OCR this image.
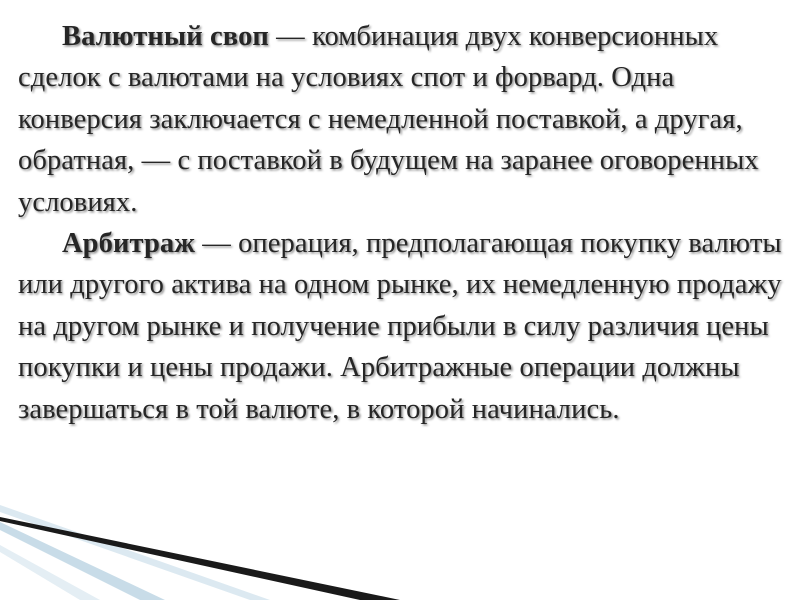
Валютный своп — комбинация двух конверсионных сделок с валютами на условиях спот и форвард. Одна конверсия заключается с немедленной поставкой, а другая, обратная, — с поставкой в будущем на заранее оговоренных условиях.

Арбитраж — операция, предполагающая покупку валюты или другого актива на одном рынке, их немедленную продажу на другом рынке и получение прибыли в силу различия цены покупки и цены продажи. Арбитражные операции должны завершаться в той валюте, в которой начинались.
